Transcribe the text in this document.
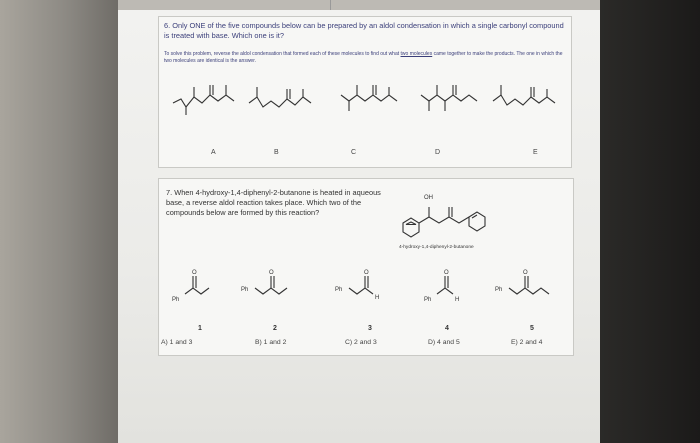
6. Only ONE of the five compounds below can be prepared by an aldol condensation in which a single carbonyl compound is treated with base. Which one is it?
To solve this problem, reverse the aldol condensation that formed each of these molecules to find out what two molecules came together to make the products. The one in which the two molecules are identical is the answer.
A	B	C	D	E
7. When 4-hydroxy-1,4-diphenyl-2-butanone is heated in aqueous base, a reverse aldol reaction takes place. Which two of the compounds below are formed by this reaction?
OH
4-hydroxy-1,4-diphenyl-2-butanone
O	O	O	O	O
Ph
Ph	Ph
H	Ph	H
Ph
1	2	3	4	5
A) 1 and 3	B) 1 and 2	C) 2 and 3	D) 4 and 5	E) 2 and 4
